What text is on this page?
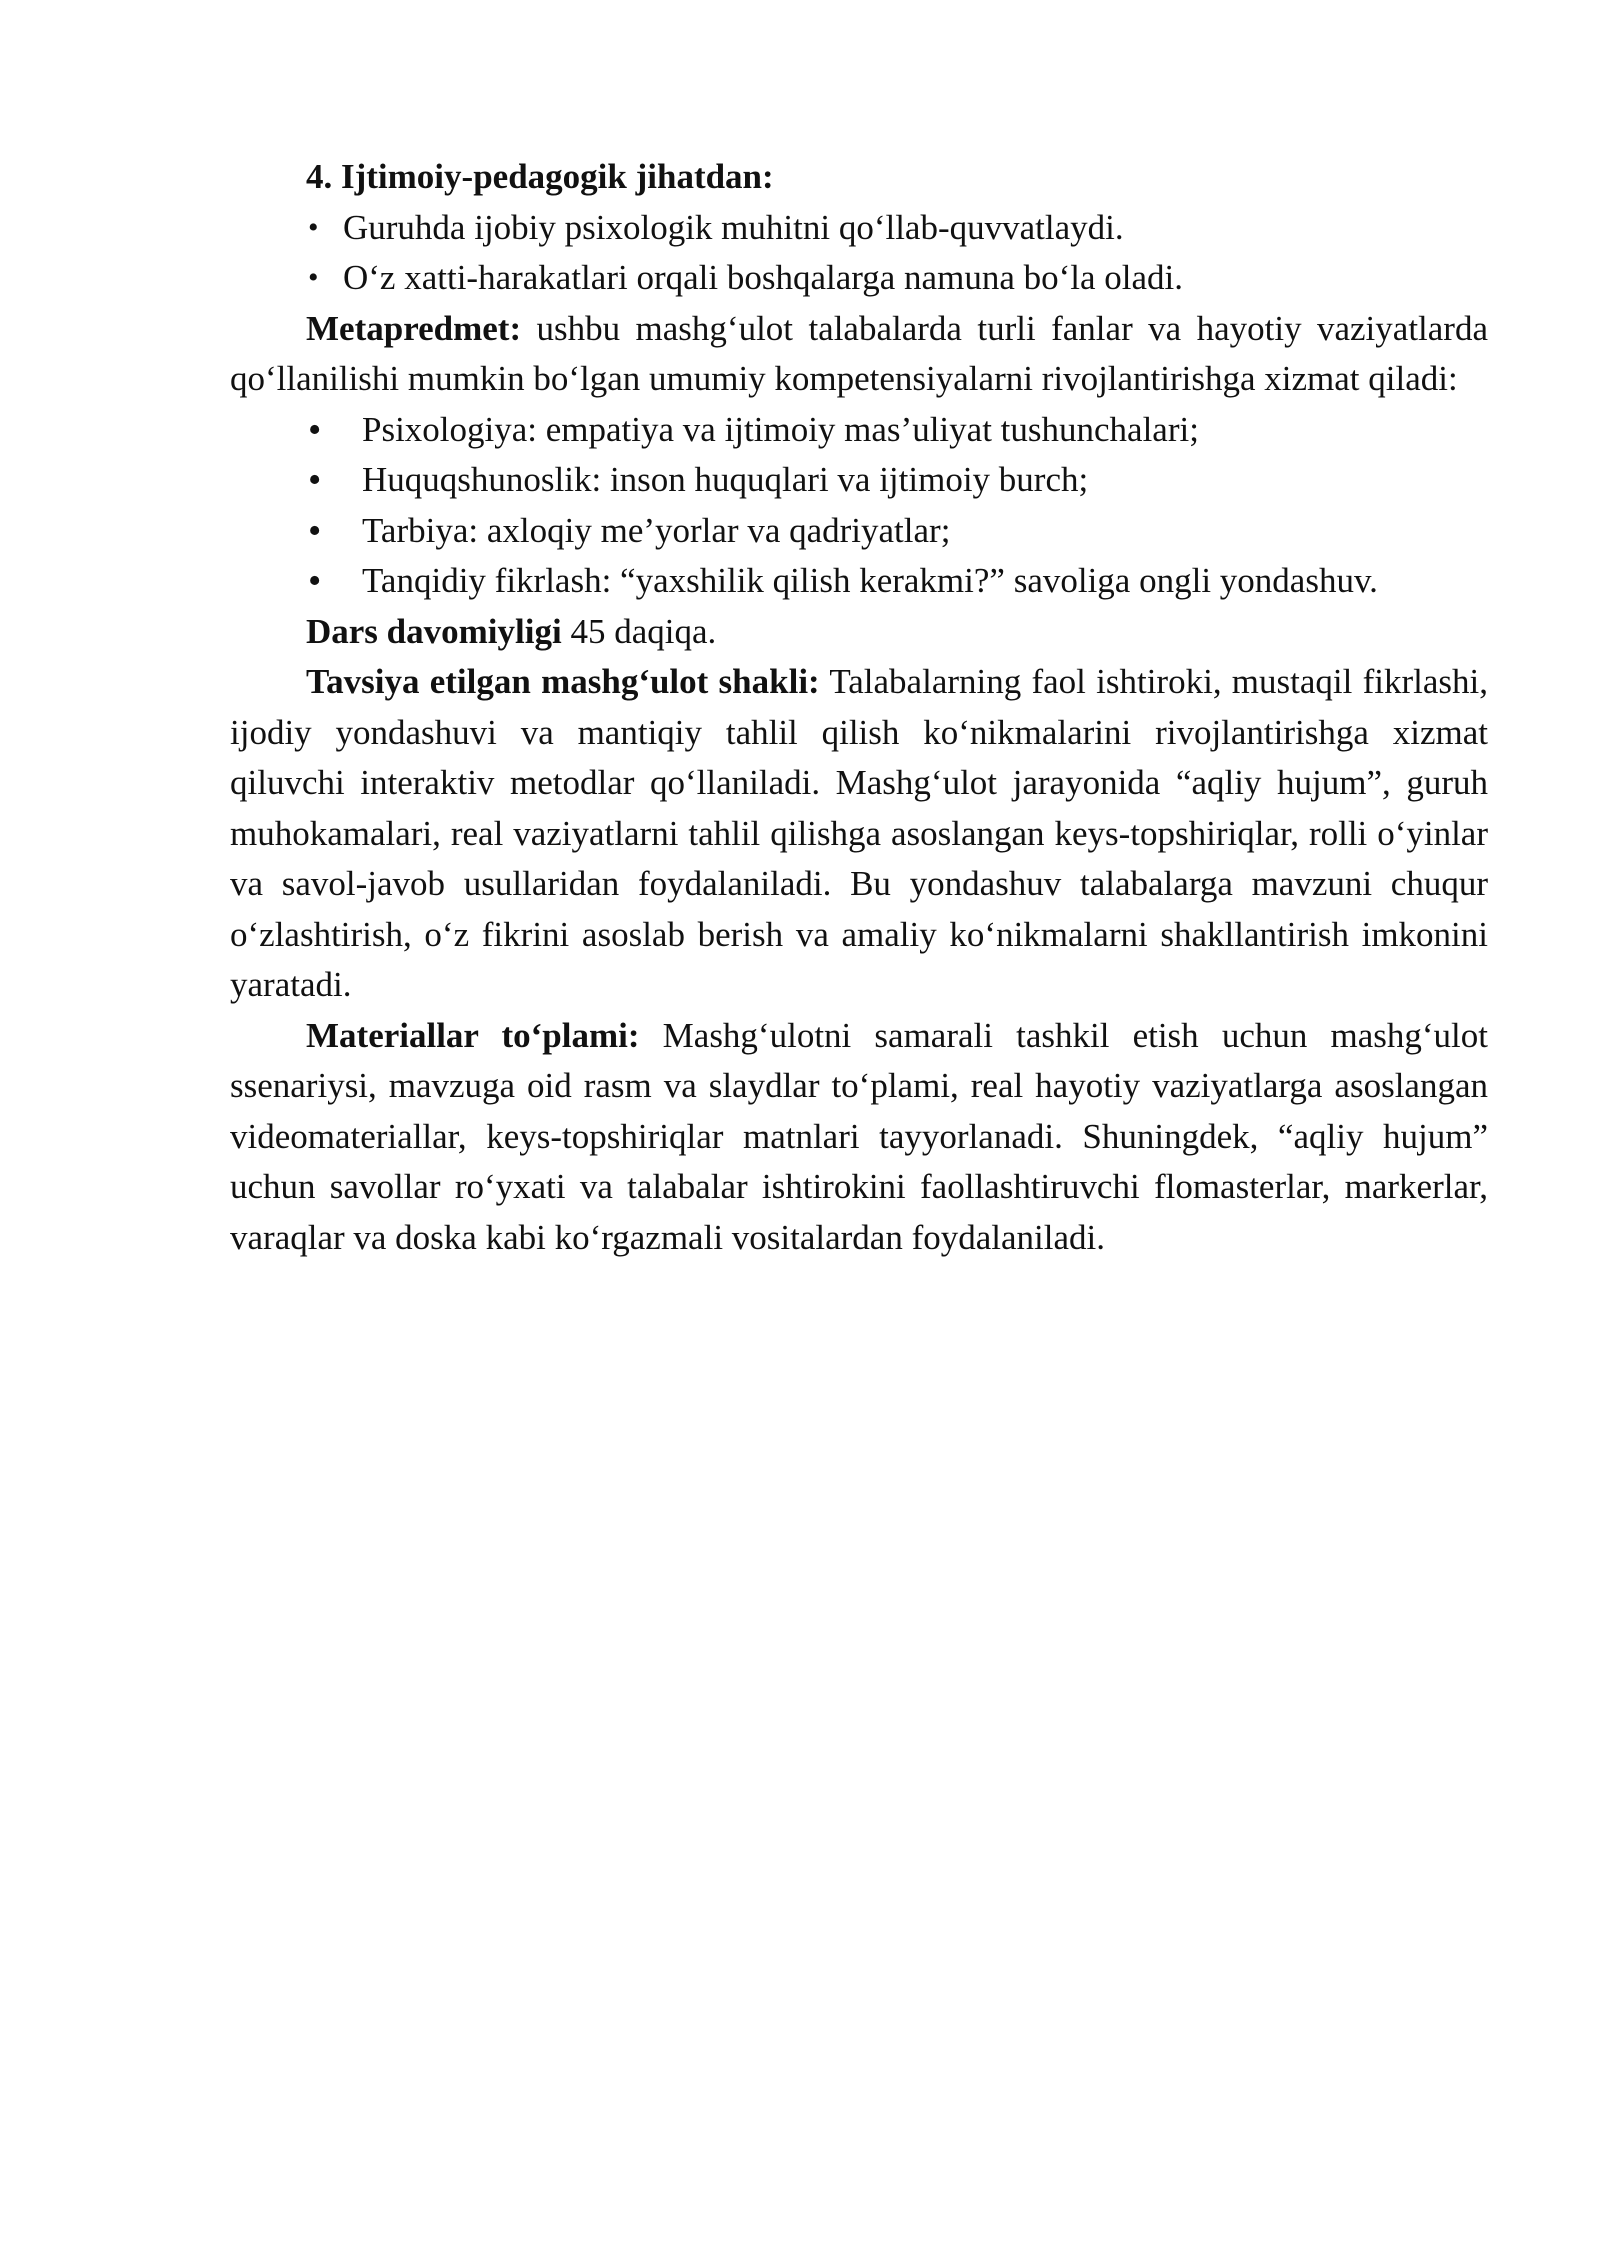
4. Ijtimoiy-pedagogik jihatdan:

• Guruhda ijobiy psixologik muhitni qo‘llab-quvvatlaydi.
• O‘z xatti-harakatlari orqali boshqalarga namuna bo‘la oladi.

Metapredmet: ushbu mashg‘ulot talabalarda turli fanlar va hayotiy vaziyatlarda qo‘llanilishi mumkin bo‘lgan umumiy kompetensiyalarni rivojlantirishga xizmat qiladi:

• Psixologiya: empatiya va ijtimoiy mas’uliyat tushunchalari;
• Huquqshunoslik: inson huquqlari va ijtimoiy burch;
• Tarbiya: axloqiy me’yorlar va qadriyatlar;
• Tanqidiy fikrlash: “yaxshilik qilish kerakmi?” savoliga ongli yondashuv.

Dars davomiyligi 45 daqiqa.

Tavsiya etilgan mashg‘ulot shakli: Talabalarning faol ishtiroki, mustaqil fikrlashi, ijodiy yondashuvi va mantiqiy tahlil qilish ko‘nikmalarini rivojlantirishga xizmat qiluvchi interaktiv metodlar qo‘llaniladi. Mashg‘ulot jarayonida “aqliy hujum”, guruh muhokamalari, real vaziyatlarni tahlil qilishga asoslangan keys-topshiriqlar, rolli o‘yinlar va savol-javob usullaridan foydalaniladi. Bu yondashuv talabalarga mavzuni chuqur o‘zlashtirish, o‘z fikrini asoslab berish va amaliy ko‘nikmalarni shakllantirish imkonini yaratadi.

Materiallar to‘plami: Mashg‘ulotni samarali tashkil etish uchun mashg‘ulot ssenariysi, mavzuga oid rasm va slaydlar to‘plami, real hayotiy vaziyatlarga asoslangan videomateriallar, keys-topshiriqlar matnlari tayyorlanadi. Shuningdek, “aqliy hujum” uchun savollar ro‘yxati va talabalar ishtirokini faollashtiruvchi flomasterlar, markerlar, varaqlar va doska kabi ko‘rgazmali vositalardan foydalaniladi.
